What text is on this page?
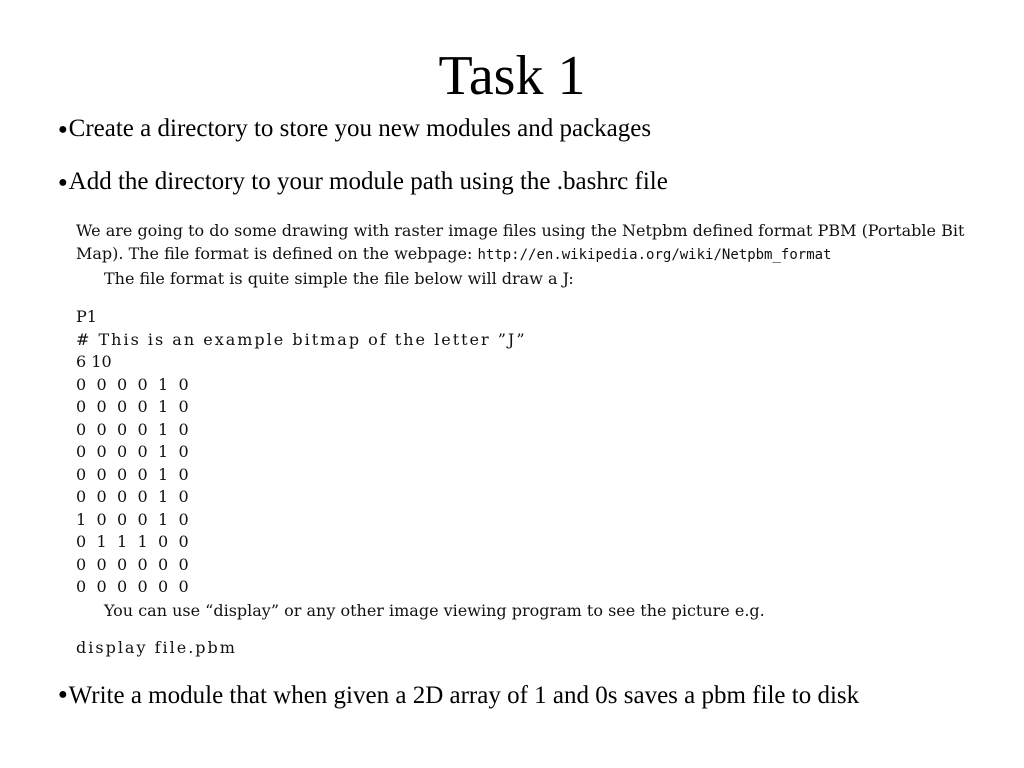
Task 1
●Create a directory to store you new modules and packages
●Add the directory to your module path using the .bashrc file

We are going to do some drawing with raster image files using the Netpbm defined format PBM (Portable Bit Map). The file format is defined on the webpage: http://en.wikipedia.org/wiki/Netpbm_format

The file format is quite simple the file below will draw a J:

P1
# This is an example bitmap of the letter ”J”
6 10
0 0 0 0 1 0
0 0 0 0 1 0
0 0 0 0 1 0
0 0 0 0 1 0
0 0 0 0 1 0
0 0 0 0 1 0
1 0 0 0 1 0
0 1 1 1 0 0
0 0 0 0 0 0
0 0 0 0 0 0

You can use “display” or any other image viewing program to see the picture e.g.

display file.pbm
●Write a module that when given a 2D array of 1 and 0s saves a pbm file to disk
